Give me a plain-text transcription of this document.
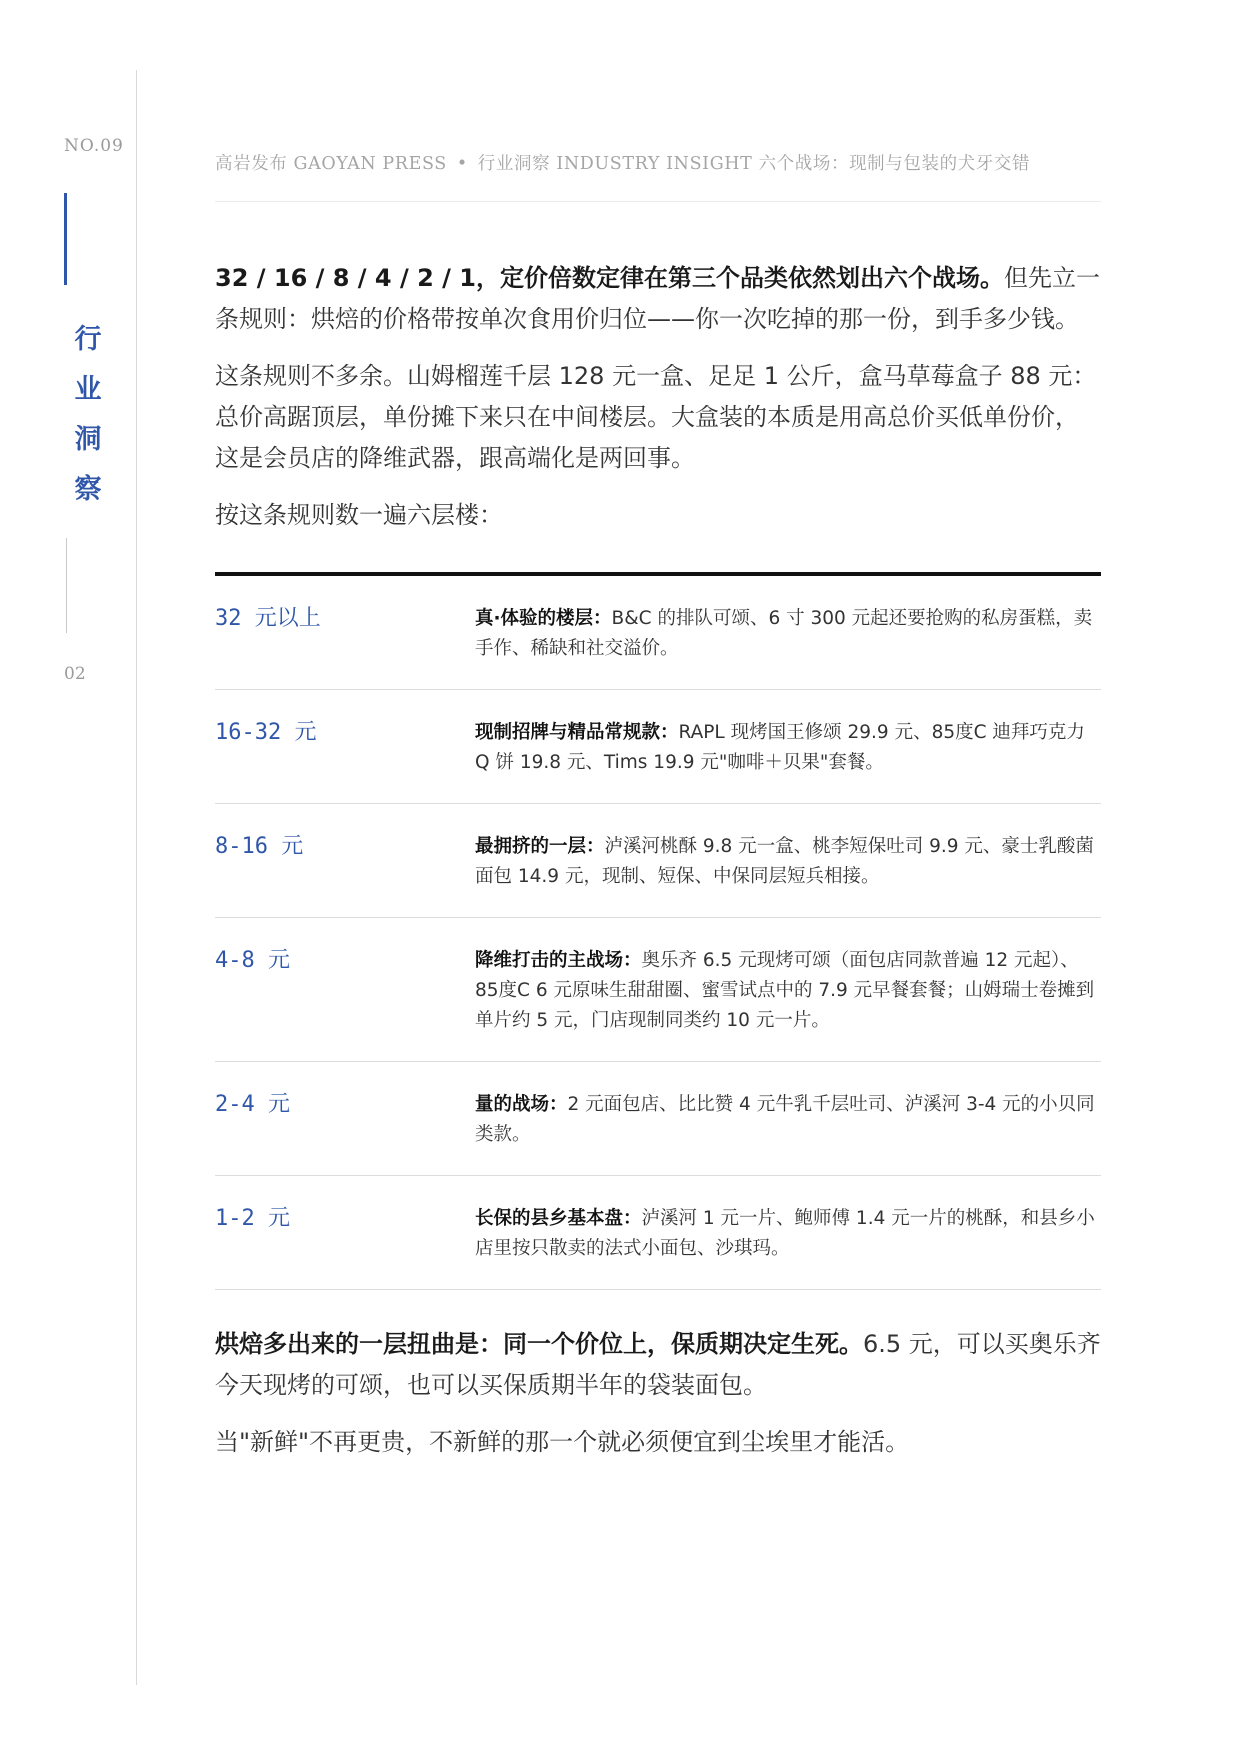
NO.09
行
业
洞
察
02
高岩发布 GAOYAN PRESS • 行业洞察 INDUSTRY INSIGHT 六个战场：现制与包装的犬牙交错

32 / 16 / 8 / 4 / 2 / 1，定价倍数定律在第三个品类依然划出六个战场。但先立一条规则：烘焙的价格带按单次食用价归位——你一次吃掉的那一份，到手多少钱。

这条规则不多余。山姆榴莲千层 128 元一盒、足足 1 公斤，盒马草莓盒子 88 元：总价高踞顶层，单份摊下来只在中间楼层。大盒装的本质是用高总价买低单份价，这是会员店的降维武器，跟高端化是两回事。

按这条规则数一遍六层楼：

32 元以上	真·体验的楼层：B&C 的排队可颂、6 寸 300 元起还要抢购的私房蛋糕，卖手作、稀缺和社交溢价。
16-32 元	现制招牌与精品常规款：RAPL 现烤国王修颂 29.9 元、85度C 迪拜巧克力 Q 饼 19.8 元、Tims 19.9 元"咖啡＋贝果"套餐。
8-16 元	最拥挤的一层：泸溪河桃酥 9.8 元一盒、桃李短保吐司 9.9 元、豪士乳酸菌面包 14.9 元，现制、短保、中保同层短兵相接。
4-8 元	降维打击的主战场：奥乐齐 6.5 元现烤可颂（面包店同款普遍 12 元起）、85度C 6 元原味生甜甜圈、蜜雪试点中的 7.9 元早餐套餐；山姆瑞士卷摊到单片约 5 元，门店现制同类约 10 元一片。
2-4 元	量的战场：2 元面包店、比比赞 4 元牛乳千层吐司、泸溪河 3-4 元的小贝同类款。
1-2 元	长保的县乡基本盘：泸溪河 1 元一片、鲍师傅 1.4 元一片的桃酥，和县乡小店里按只散卖的法式小面包、沙琪玛。

烘焙多出来的一层扭曲是：同一个价位上，保质期决定生死。6.5 元，可以买奥乐齐今天现烤的可颂，也可以买保质期半年的袋装面包。

当"新鲜"不再更贵，不新鲜的那一个就必须便宜到尘埃里才能活。
